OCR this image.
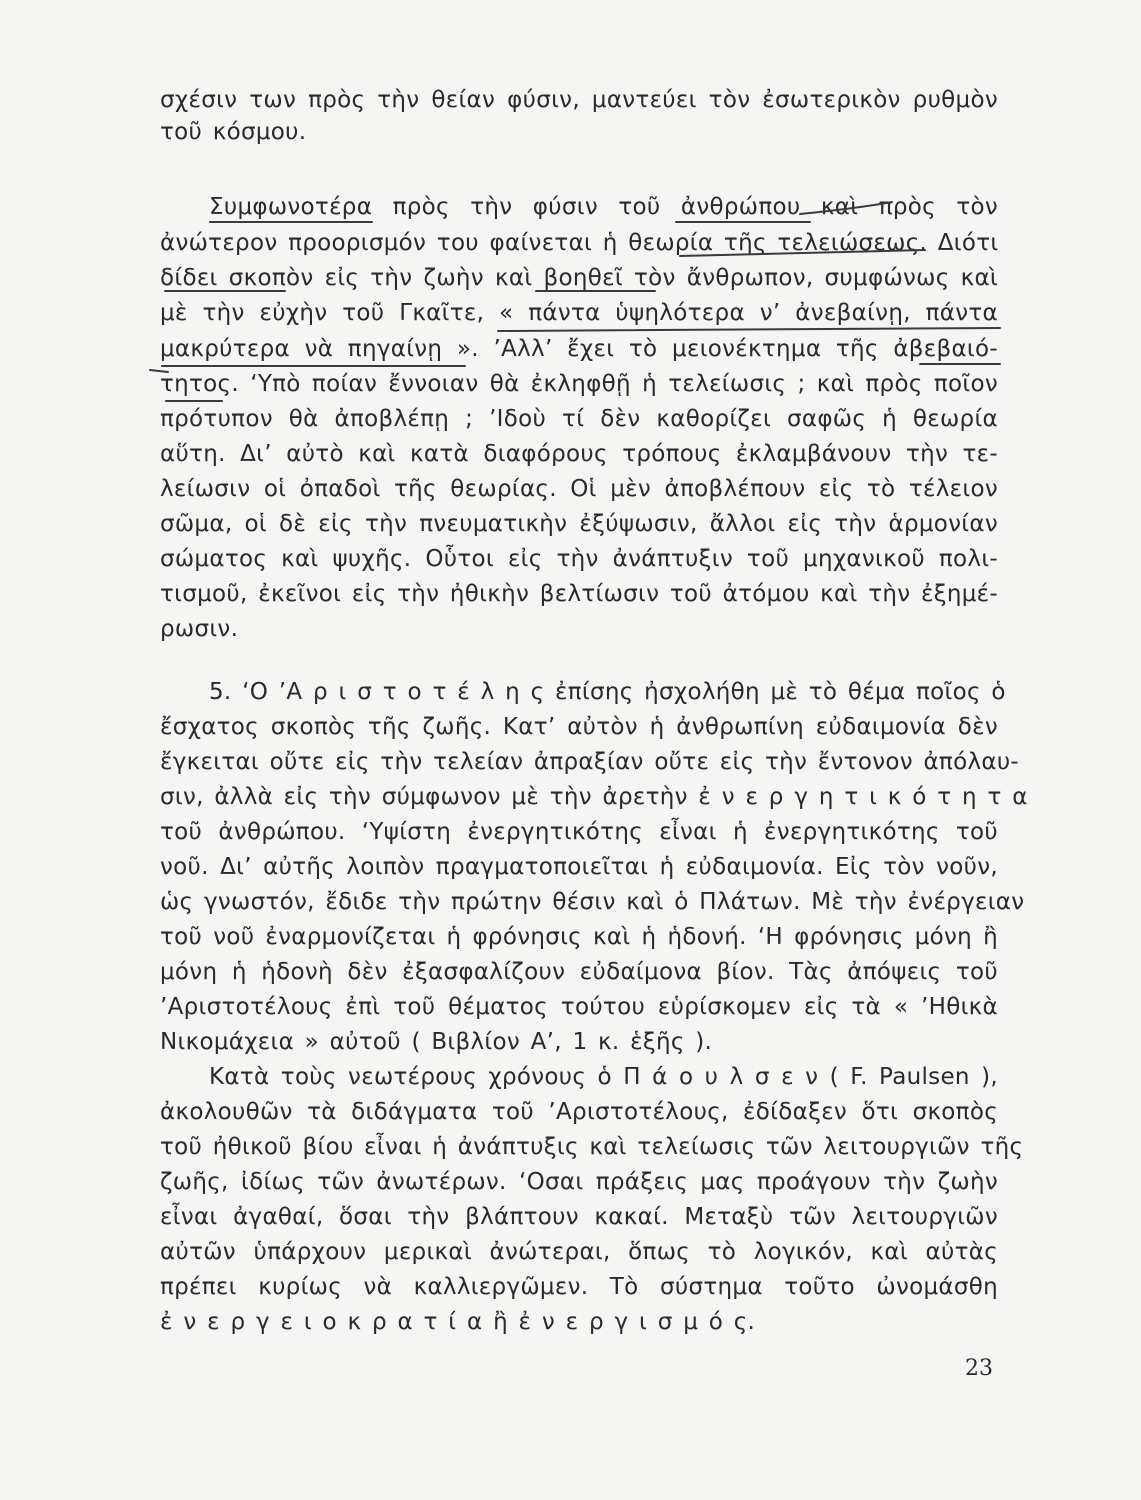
σχέσιν των πρὸς τὴν θείαν φύσιν, μαντεύει τὸν ἐσωτερικὸν ρυθμὸν
τοῦ κόσμου.
Συμφωνοτέρα πρὸς τὴν φύσιν τοῦ ἀνθρώπου καὶ πρὸς τὸν
ἀνώτερον προορισμόν του φαίνεται ἡ θεωρία τῆς τελειώσεως. Διότι
δίδει σκοπὸν εἰς τὴν ζωὴν καὶ βοηθεῖ τὸν ἄνθρωπον, συμφώνως καὶ
μὲ τὴν εὐχὴν τοῦ Γκαῖτε, « πάντα ὑψηλότερα ν’ ἀνεβαίνῃ, πάντα
μακρύτερα νὰ πηγαίνῃ ». ’Αλλ’ ἔχει τὸ μειονέκτημα τῆς ἀβεβαιό-
τητος. ‘Υπὸ ποίαν ἔννοιαν θὰ ἐκληφθῇ ἡ τελείωσις ; καὶ πρὸς ποῖον
πρότυπον θὰ ἀποβλέπῃ ; ’Ιδοὺ τί δὲν καθορίζει σαφῶς ἡ θεωρία
αὕτη. Δι’ αὐτὸ καὶ κατὰ διαφόρους τρόπους ἐκλαμβάνουν τὴν τε-
λείωσιν οἱ ὀπαδοὶ τῆς θεωρίας. Οἱ μὲν ἀποβλέπουν εἰς τὸ τέλειον
σῶμα, οἱ δὲ εἰς τὴν πνευματικὴν ἐξύψωσιν, ἄλλοι εἰς τὴν ἁρμονίαν
σώματος καὶ ψυχῆς. Οὗτοι εἰς τὴν ἀνάπτυξιν τοῦ μηχανικοῦ πολι-
τισμοῦ, ἐκεῖνοι εἰς τὴν ἠθικὴν βελτίωσιν τοῦ ἀτόμου καὶ τὴν ἐξημέ-
ρωσιν.
5. ‘Ο ’Α ρ ι σ τ ο τ έ λ η ς ἐπίσης ἠσχολήθη μὲ τὸ θέμα ποῖος ὁ
ἔσχατος σκοπὸς τῆς ζωῆς. Κατ’ αὐτὸν ἡ ἀνθρωπίνη εὐδαιμονία δὲν
ἔγκειται οὔτε εἰς τὴν τελείαν ἀπραξίαν οὔτε εἰς τὴν ἔντονον ἀπόλαυ-
σιν, ἀλλὰ εἰς τὴν σύμφωνον μὲ τὴν ἀρετὴν ἐ ν ε ρ γ η τ ι κ ό τ η τ α
τοῦ ἀνθρώπου. ‘Υψίστη ἐνεργητικότης εἶναι ἡ ἐνεργητικότης τοῦ
νοῦ. Δι’ αὐτῆς λοιπὸν πραγματοποιεῖται ἡ εὐδαιμονία. Εἰς τὸν νοῦν,
ὡς γνωστόν, ἔδιδε τὴν πρώτην θέσιν καὶ ὁ Πλάτων. Μὲ τὴν ἐνέργειαν
τοῦ νοῦ ἐναρμονίζεται ἡ φρόνησις καὶ ἡ ἡδονή. ‘Η φρόνησις μόνη ἢ
μόνη ἡ ἡδονὴ δὲν ἐξασφαλίζουν εὐδαίμονα βίον. Τὰς ἀπόψεις τοῦ
’Αριστοτέλους ἐπὶ τοῦ θέματος τούτου εὑρίσκομεν εἰς τὰ « ’Ηθικὰ
Νικομάχεια » αὐτοῦ ( Βιβλίον Α’, 1 κ. ἑξῆς ).
Κατὰ τοὺς νεωτέρους χρόνους ὁ Π ά ο υ λ σ ε ν ( F. Paulsen ),
ἀκολουθῶν τὰ διδάγματα τοῦ ’Αριστοτέλους, ἐδίδαξεν ὅτι σκοπὸς
τοῦ ἠθικοῦ βίου εἶναι ἡ ἀνάπτυξις καὶ τελείωσις τῶν λειτουργιῶν τῆς
ζωῆς, ἰδίως τῶν ἀνωτέρων. ‘Οσαι πράξεις μας προάγουν τὴν ζωὴν
εἶναι ἀγαθαί, ὅσαι τὴν βλάπτουν κακαί. Μεταξὺ τῶν λειτουργιῶν
αὐτῶν ὑπάρχουν μερικαὶ ἀνώτεραι, ὅπως τὸ λογικόν, καὶ αὐτὰς
πρέπει κυρίως νὰ καλλιεργῶμεν. Τὸ σύστημα τοῦτο ὠνομάσθη
ἐ ν ε ρ γ ε ι ο κ ρ α τ ί α ἢ ἐ ν ε ρ γ ι σ μ ό ς.
23
